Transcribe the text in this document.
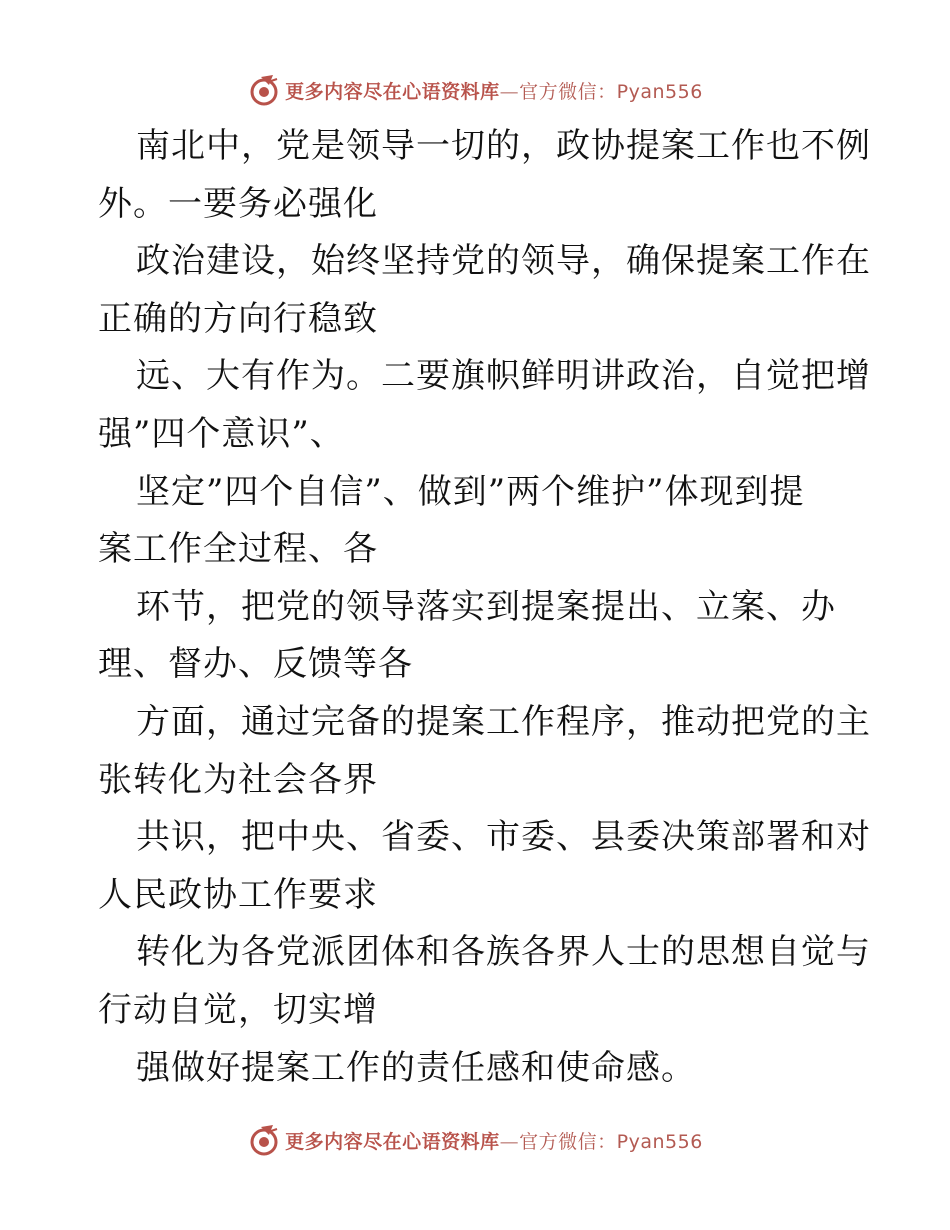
更多内容尽在心语资料库—官方微信：Pyan556
南北中，党是领导一切的，政协提案工作也不例
外。一要务必强化
政治建设，始终坚持党的领导，确保提案工作在
正确的方向行稳致
远、大有作为。二要旗帜鲜明讲政治，自觉把增
强”四个意识”、
坚定”四个自信”、做到”两个维护”体现到提
案工作全过程、各
环节，把党的领导落实到提案提出、立案、办
理、督办、反馈等各
方面，通过完备的提案工作程序，推动把党的主
张转化为社会各界
共识，把中央、省委、市委、县委决策部署和对
人民政协工作要求
转化为各党派团体和各族各界人士的思想自觉与
行动自觉，切实增
强做好提案工作的责任感和使命感。
更多内容尽在心语资料库—官方微信：Pyan556
